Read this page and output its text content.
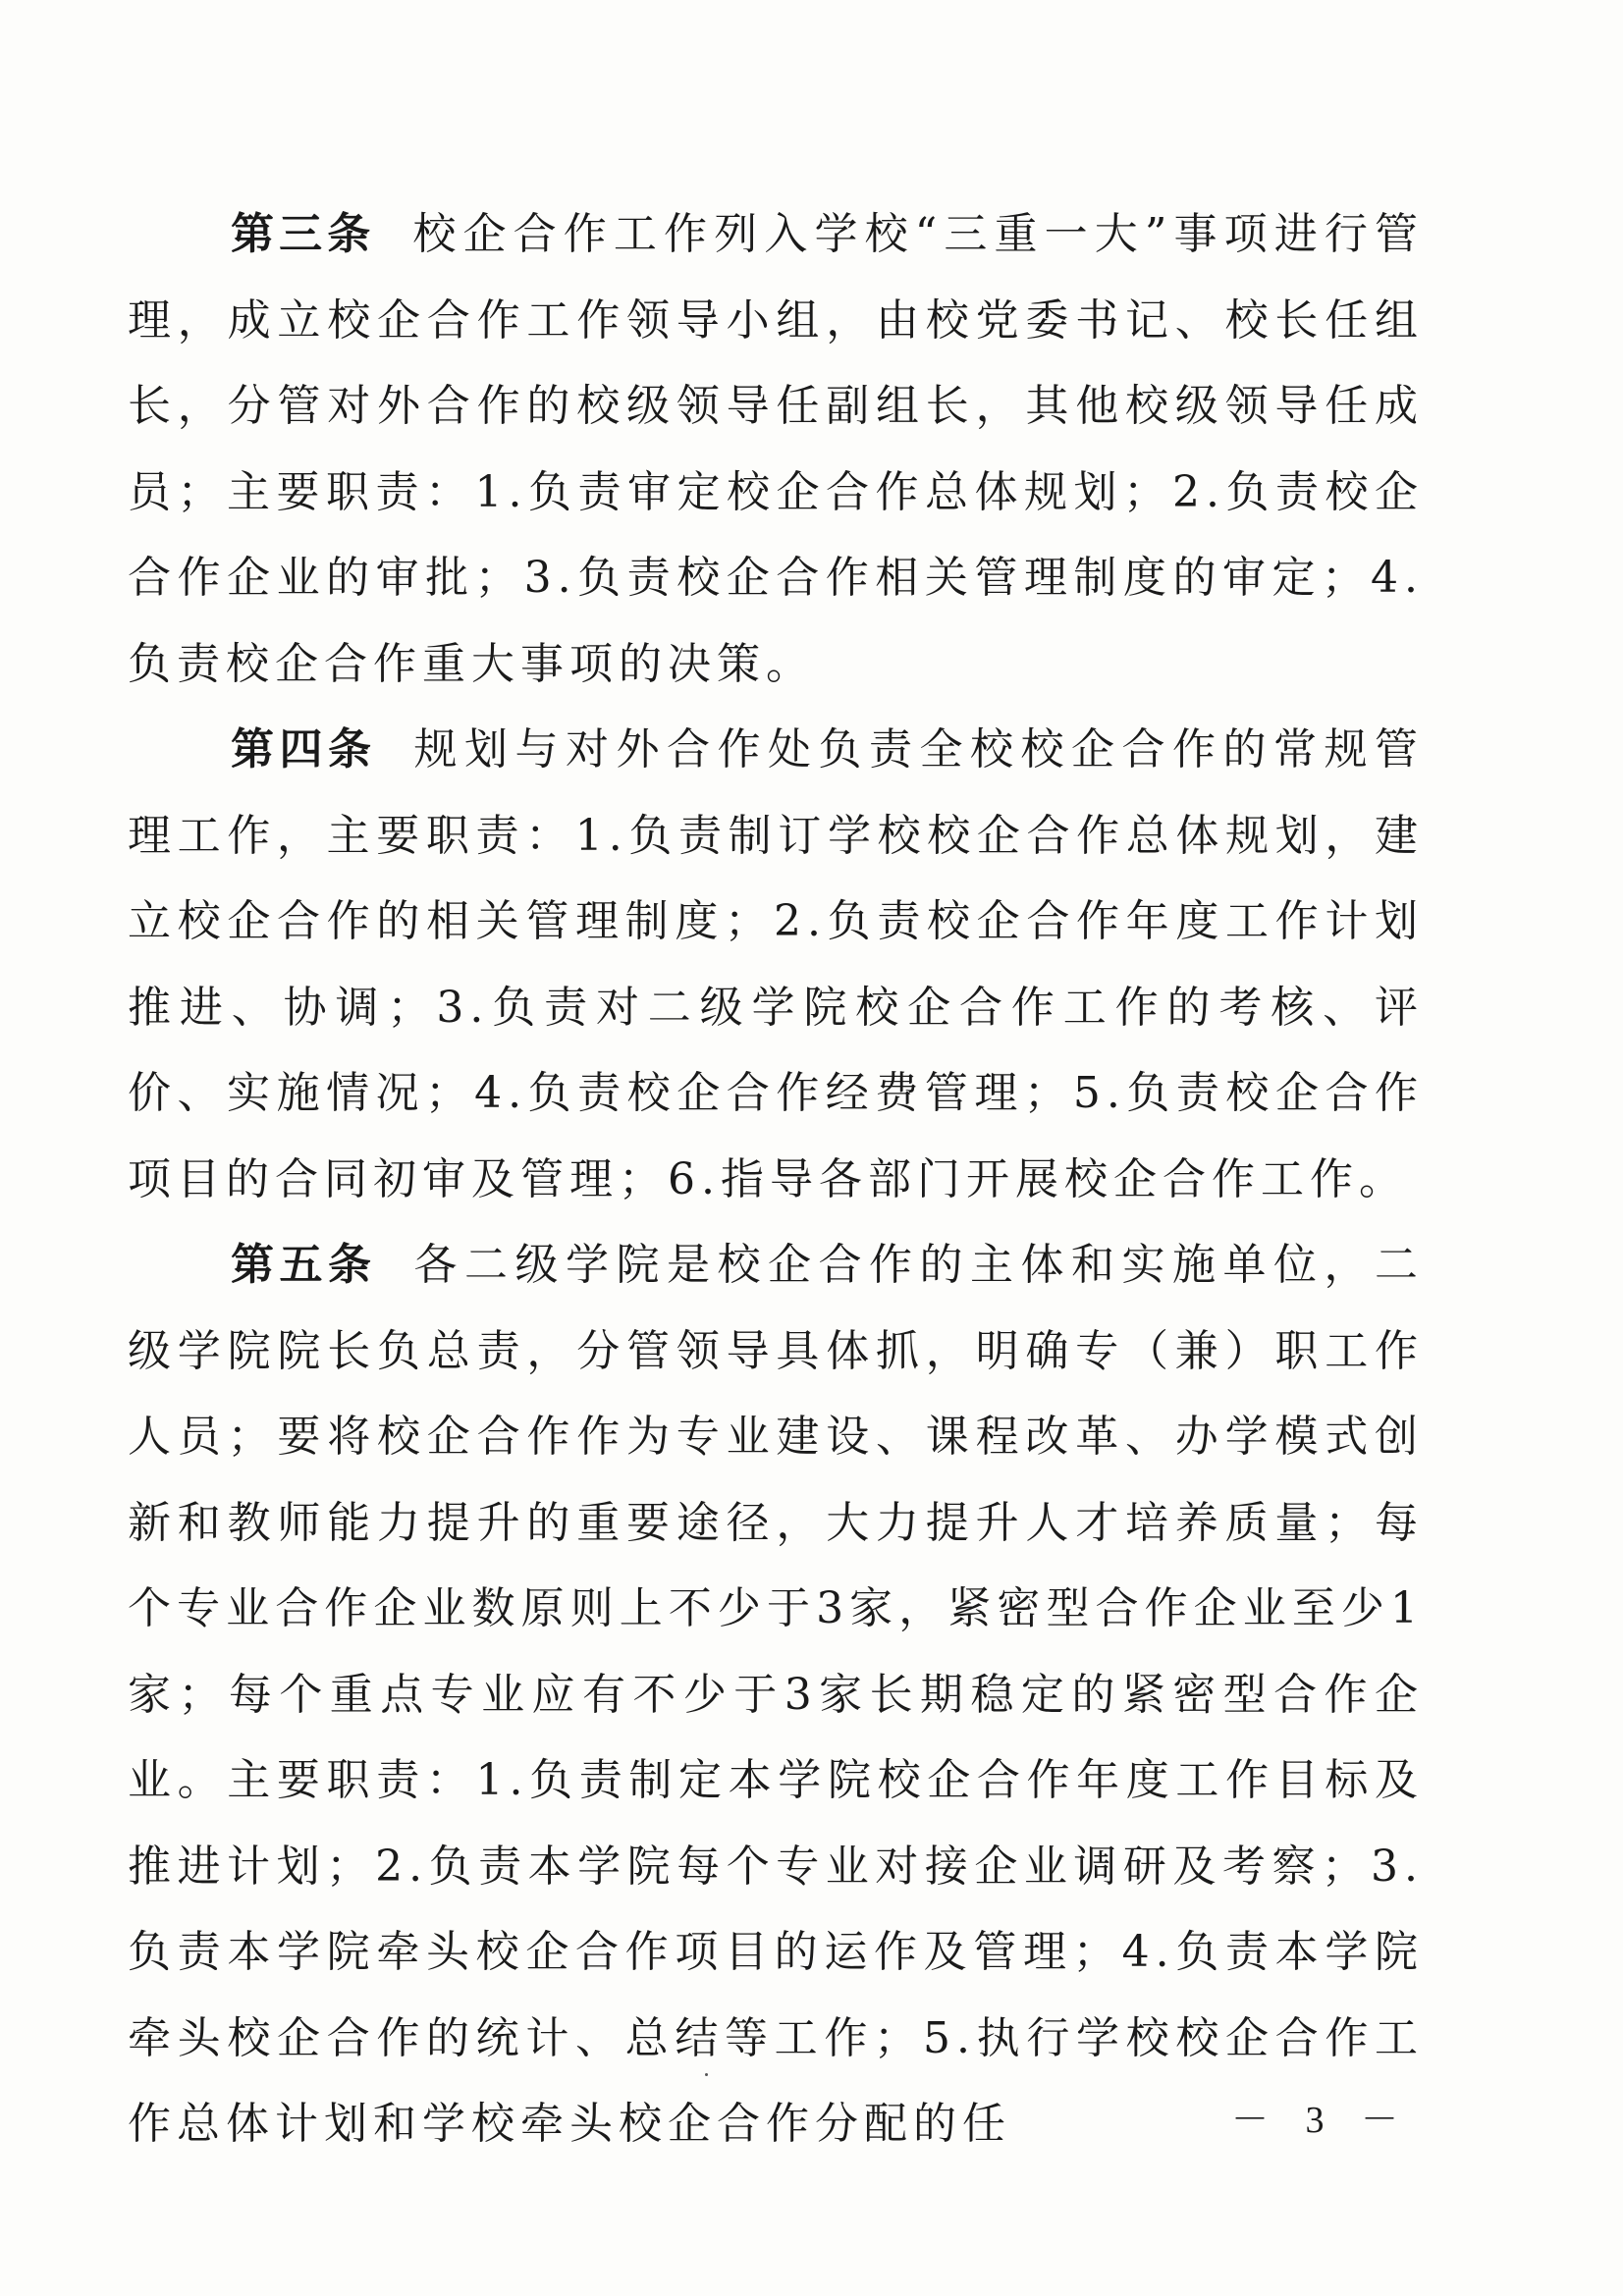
第三条 校企合作工作列入学校“三重一大”事项进行管理，成立校企合作工作领导小组，由校党委书记、校长任组长，分管对外合作的校级领导任副组长，其他校级领导任成员；主要职责：1.负责审定校企合作总体规划；2.负责校企合作企业的审批；3.负责校企合作相关管理制度的审定；4.负责校企合作重大事项的决策。

第四条 规划与对外合作处负责全校校企合作的常规管理工作，主要职责：1.负责制订学校校企合作总体规划，建立校企合作的相关管理制度；2.负责校企合作年度工作计划推进、协调；3.负责对二级学院校企合作工作的考核、评价、实施情况；4.负责校企合作经费管理；5.负责校企合作项目的合同初审及管理；6.指导各部门开展校企合作工作。

第五条 各二级学院是校企合作的主体和实施单位，二级学院院长负总责，分管领导具体抓，明确专（兼）职工作人员；要将校企合作作为专业建设、课程改革、办学模式创新和教师能力提升的重要途径，大力提升人才培养质量；每个专业合作企业数原则上不少于3家，紧密型合作企业至少1家；每个重点专业应有不少于3家长期稳定的紧密型合作企业。主要职责：1.负责制定本学院校企合作年度工作目标及推进计划；2.负责本学院每个专业对接企业调研及考察；3.负责本学院牵头校企合作项目的运作及管理；4.负责本学院牵头校企合作的统计、总结等工作；5.执行学校校企合作工作总体计划和学校牵头校企合作分配的任	－ 3 －
